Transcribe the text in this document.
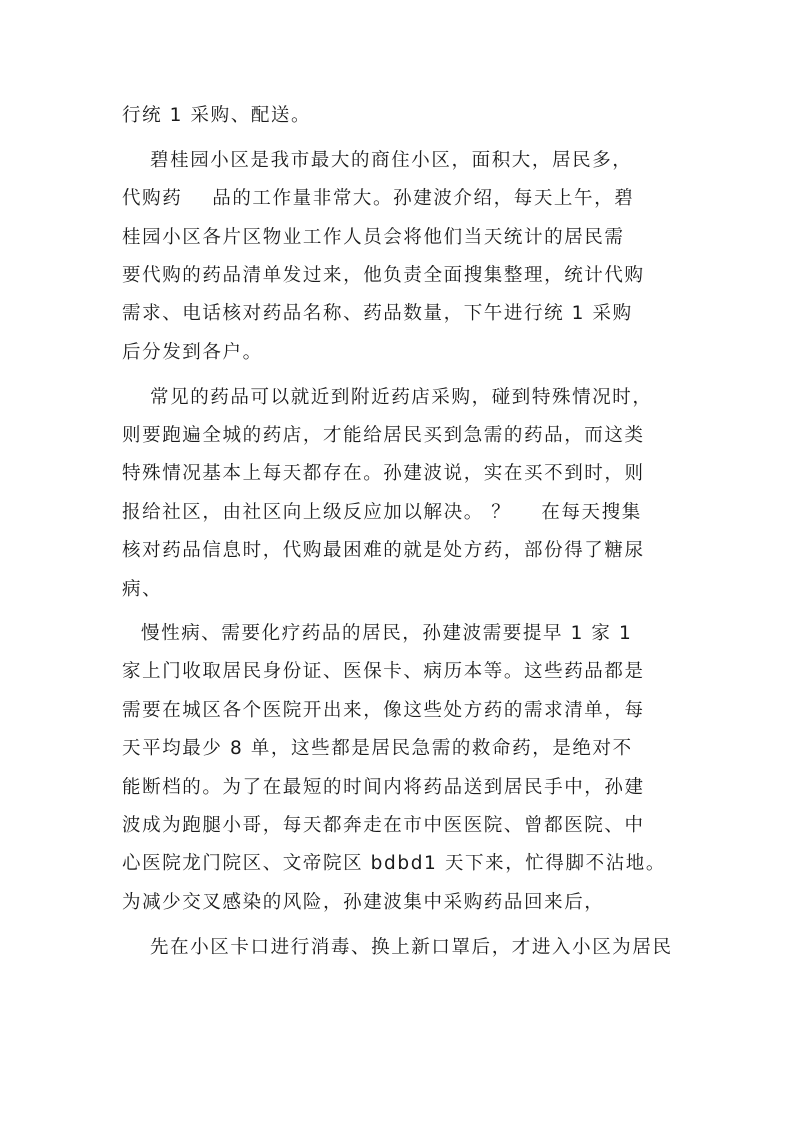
行统 1 采购、配送。
碧桂园小区是我市最大的商住小区，面积大，居民多，
代购药    品的工作量非常大。孙建波介绍，每天上午，碧
桂园小区各片区物业工作人员会将他们当天统计的居民需
要代购的药品清单发过来，他负责全面搜集整理，统计代购
需求、电话核对药品名称、药品数量，下午进行统 1 采购
后分发到各户。
常见的药品可以就近到附近药店采购，碰到特殊情况时，
则要跑遍全城的药店，才能给居民买到急需的药品，而这类
特殊情况基本上每天都存在。孙建波说，实在买不到时，则
报给社区，由社区向上级反应加以解决。 ？    在每天搜集
核对药品信息时，代购最困难的就是处方药，部份得了糖尿
病、
慢性病、需要化疗药品的居民，孙建波需要提早 1 家 1
家上门收取居民身份证、医保卡、病历本等。这些药品都是
需要在城区各个医院开出来，像这些处方药的需求清单，每
天平均最少 8 单，这些都是居民急需的救命药，是绝对不
能断档的。为了在最短的时间内将药品送到居民手中，孙建
波成为跑腿小哥，每天都奔走在市中医医院、曾都医院、中
心医院龙门院区、文帝院区 bdbd1 天下来，忙得脚不沾地。
为减少交叉感染的风险，孙建波集中采购药品回来后，
先在小区卡口进行消毒、换上新口罩后，才进入小区为居民
